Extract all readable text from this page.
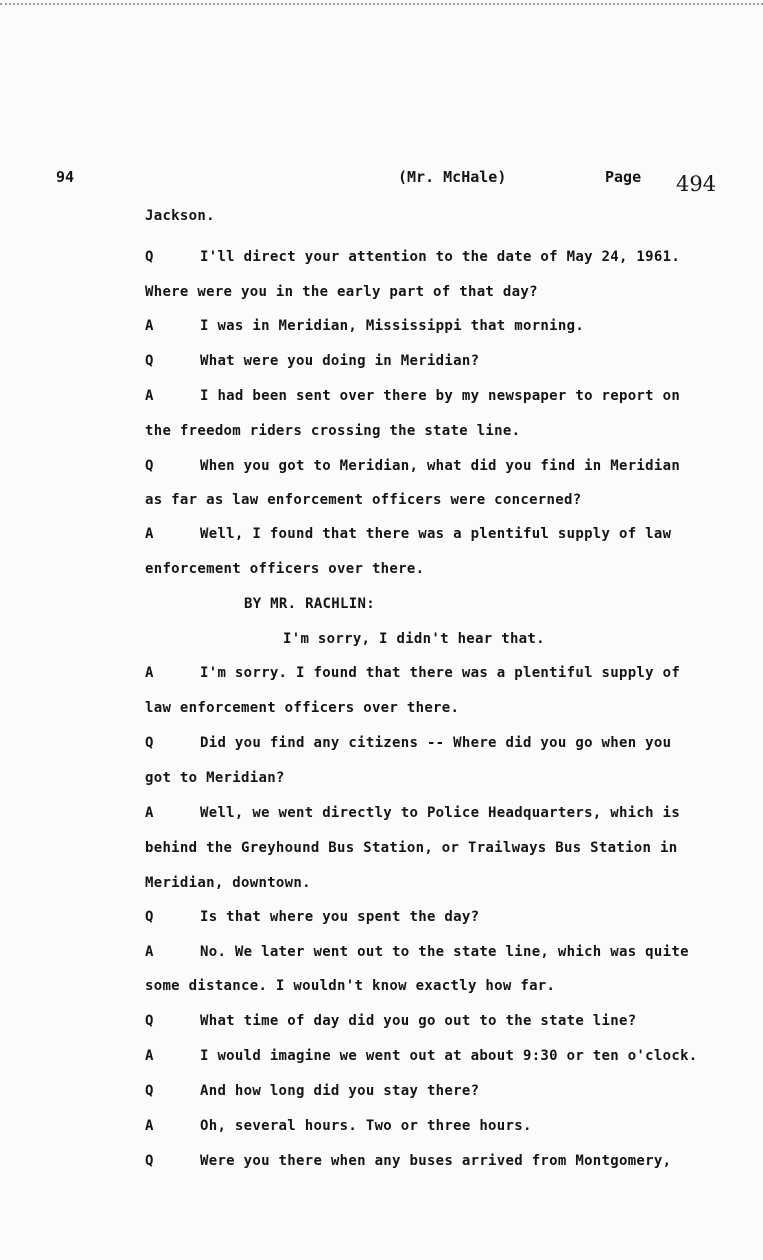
94	(Mr. McHale)	Page 494
Jackson.
Q	I'll direct your attention to the date of May 24, 1961.
Where were you in the early part of that day?
A	I was in Meridian, Mississippi that morning.
Q	What were you doing in Meridian?
A	I had been sent over there by my newspaper to report on
the freedom riders crossing the state line.
Q	When you got to Meridian, what did you find in Meridian
as far as law enforcement officers were concerned?
A	Well, I found that there was a plentiful supply of law
enforcement officers over there.
BY MR. RACHLIN:
I'm sorry, I didn't hear that.
A	I'm sorry. I found that there was a plentiful supply of
law enforcement officers over there.
Q	Did you find any citizens -- Where did you go when you
got to Meridian?
A	Well, we went directly to Police Headquarters, which is
behind the Greyhound Bus Station, or Trailways Bus Station in
Meridian, downtown.
Q	Is that where you spent the day?
A	No. We later went out to the state line, which was quite
some distance. I wouldn't know exactly how far.
Q	What time of day did you go out to the state line?
A	I would imagine we went out at about 9:30 or ten o'clock.
Q	And how long did you stay there?
A	Oh, several hours. Two or three hours.
Q	Were you there when any buses arrived from Montgomery,
